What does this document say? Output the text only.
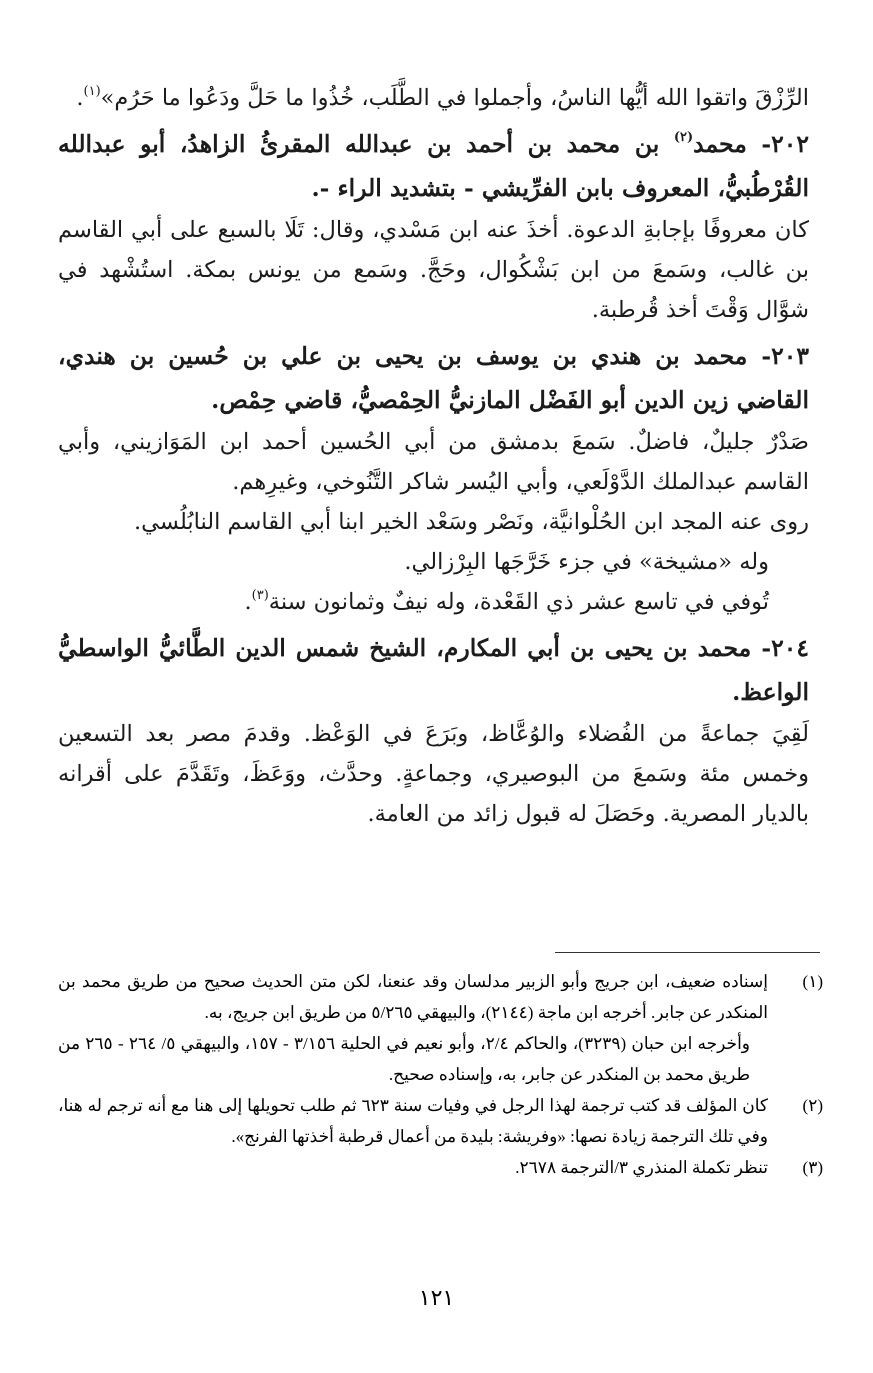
الرِّزْقَ واتقوا الله أيُّها الناسُ، وأجملوا في الطَّلَب، خُذُوا ما حَلَّ ودَعُوا ما حَرُم»$^{(١)}$.

٢٠٢- محمد$^{(٢)}$ بن محمد بن أحمد بن عبدالله المقرئُ الزاهدُ، أبو عبدالله القُرْطُبيُّ، المعروف بابن الفرِّيشي - بتشديد الراء -.

كان معروفًا بإجابةِ الدعوة. أخذَ عنه ابن مَسْدي، وقال: تَلَا بالسبع على أبي القاسم بن غالب، وسَمعَ من ابن بَشْكُوال، وحَجَّ. وسَمع من يونس بمكة. استُشْهد في شوَّال وَقْتَ أخذ قُرطبة.

٢٠٣- محمد بن هندي بن يوسف بن يحيى بن علي بن حُسين بن هندي، القاضي زين الدين أبو الفَضْل المازنيُّ الحِمْصيُّ، قاضي حِمْص.

صَدْرٌ جليلٌ، فاضلٌ. سَمعَ بدمشق من أبي الحُسين أحمد ابن المَوَازيني، وأبي القاسم عبدالملك الدَّوْلَعي، وأبي اليُسر شاكر التَّنُوخي، وغيرِهم.

روى عنه المجد ابن الحُلْوانيَّة، ونَصْر وسَعْد الخير ابنا أبي القاسم النابُلُسي.

وله «مشيخة» في جزء خَرَّجَها البِرْزالي.

تُوفي في تاسع عشر ذي القَعْدة، وله نيفٌ وثمانون سنة$^{(٣)}$.

٢٠٤- محمد بن يحيى بن أبي المكارم، الشيخ شمس الدين الطَّائيُّ الواسطيُّ الواعظ.

لَقِيَ جماعةً من الفُضلاء والوُعَّاظ، وبَرَعَ في الوَعْظ. وقدمَ مصر بعد التسعين وخمس مئة وسَمعَ من البوصيري، وجماعةٍ. وحدَّث، ووَعَظَ، وتَقَدَّمَ على أقرانه بالديار المصرية. وحَصَلَ له قبول زائد من العامة.

(١)
إسناده ضعيف، ابن جريج وأبو الزبير مدلسان وقد عنعنا، لكن متن الحديث صحيح من طريق محمد بن المنكدر عن جابر. أخرجه ابن ماجة (٢١٤٤)، والبيهقي ٥/٢٦٥ من طريق ابن جريج، به.
وأخرجه ابن حبان (٣٢٣٩)، والحاكم ٢/٤، وأبو نعيم في الحلية ٣/١٥٦ - ١٥٧، والبيهقي ٥/ ٢٦٤ - ٢٦٥ من طريق محمد بن المنكدر عن جابر، به، وإسناده صحيح.
(٢)
كان المؤلف قد كتب ترجمة لهذا الرجل في وفيات سنة ٦٢٣ ثم طلب تحويلها إلى هنا مع أنه ترجم له هنا، وفي تلك الترجمة زيادة نصها: «وفريشة: بليدة من أعمال قرطبة أخذتها الفرنج».
(٣)
تنظر تكملة المنذري ٣/الترجمة ٢٦٧٨.
١٢١
